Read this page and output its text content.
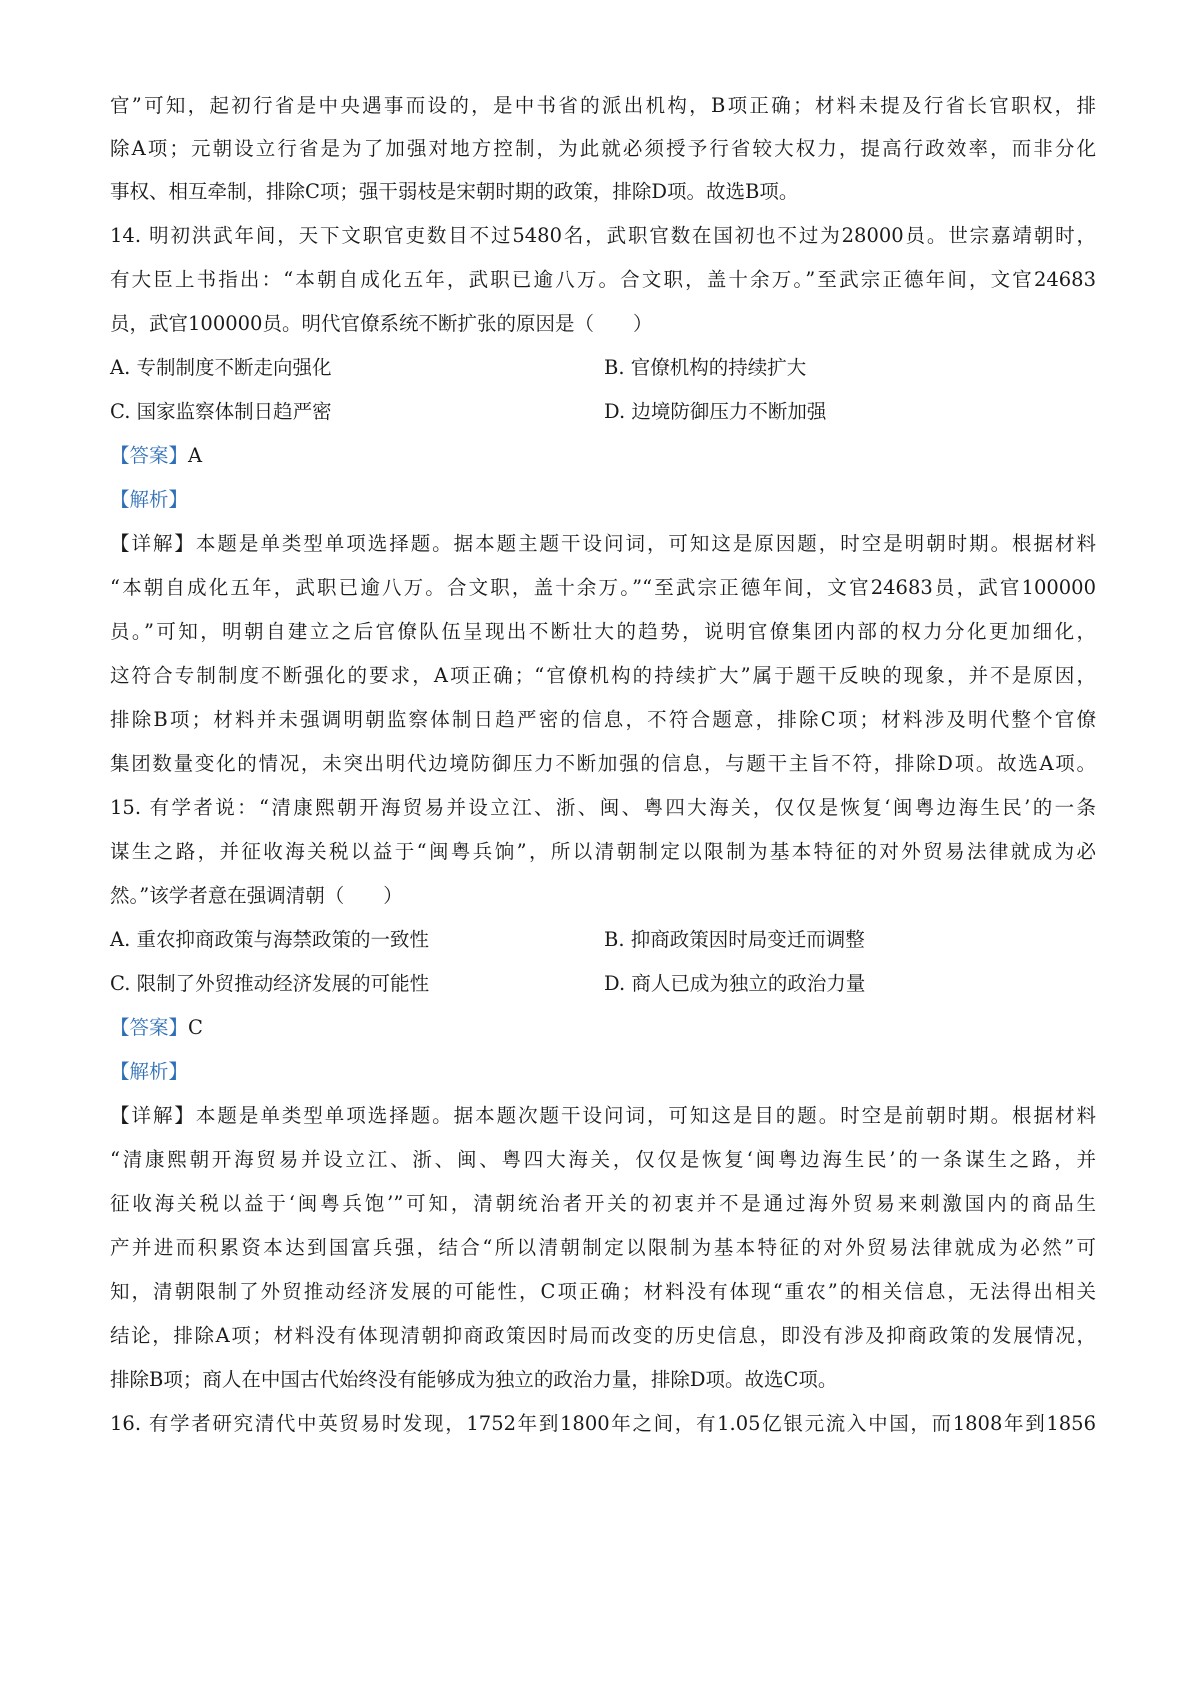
官”可知，起初行省是中央遇事而设的，是中书省的派出机构，B项正确；材料未提及行省长官职权，排
除A项；元朝设立行省是为了加强对地方控制，为此就必须授予行省较大权力，提高行政效率，而非分化
事权、相互牵制，排除C项；强干弱枝是宋朝时期的政策，排除D项。故选B项。
14. 明初洪武年间，天下文职官吏数目不过5480名，武职官数在国初也不过为28000员。世宗嘉靖朝时，
有大臣上书指出：“本朝自成化五年，武职已逾八万。合文职，盖十余万。”至武宗正德年间，文官24683
员，武官100000员。明代官僚系统不断扩张的原因是（　　）
A. 专制制度不断走向强化	B. 官僚机构的持续扩大
C. 国家监察体制日趋严密	D. 边境防御压力不断加强
【答案】A
【解析】
【详解】本题是单类型单项选择题。据本题主题干设问词，可知这是原因题，时空是明朝时期。根据材料
“本朝自成化五年，武职已逾八万。合文职，盖十余万。”“至武宗正德年间，文官24683员，武官100000
员。”可知，明朝自建立之后官僚队伍呈现出不断壮大的趋势，说明官僚集团内部的权力分化更加细化，
这符合专制制度不断强化的要求，A项正确；“官僚机构的持续扩大”属于题干反映的现象，并不是原因，
排除B项；材料并未强调明朝监察体制日趋严密的信息，不符合题意，排除C项；材料涉及明代整个官僚
集团数量变化的情况，未突出明代边境防御压力不断加强的信息，与题干主旨不符，排除D项。故选A项。
15. 有学者说：“清康熙朝开海贸易并设立江、浙、闽、粤四大海关，仅仅是恢复‘闽粤边海生民’的一条
谋生之路，并征收海关税以益于“闽粤兵饷”，所以清朝制定以限制为基本特征的对外贸易法律就成为必
然。”该学者意在强调清朝（　　）
A. 重农抑商政策与海禁政策的一致性	B. 抑商政策因时局变迁而调整
C. 限制了外贸推动经济发展的可能性	D. 商人已成为独立的政治力量
【答案】C
【解析】
【详解】本题是单类型单项选择题。据本题次题干设问词，可知这是目的题。时空是前朝时期。根据材料
“清康熙朝开海贸易并设立江、浙、闽、粤四大海关，仅仅是恢复‘闽粤边海生民’的一条谋生之路，并
征收海关税以益于‘闽粤兵饱’”可知，清朝统治者开关的初衷并不是通过海外贸易来刺激国内的商品生
产并进而积累资本达到国富兵强，结合“所以清朝制定以限制为基本特征的对外贸易法律就成为必然”可
知，清朝限制了外贸推动经济发展的可能性，C项正确；材料没有体现“重农”的相关信息，无法得出相关
结论，排除A项；材料没有体现清朝抑商政策因时局而改变的历史信息，即没有涉及抑商政策的发展情况，
排除B项；商人在中国古代始终没有能够成为独立的政治力量，排除D项。故选C项。
16. 有学者研究清代中英贸易时发现，1752年到1800年之间，有1.05亿银元流入中国，而1808年到1856
